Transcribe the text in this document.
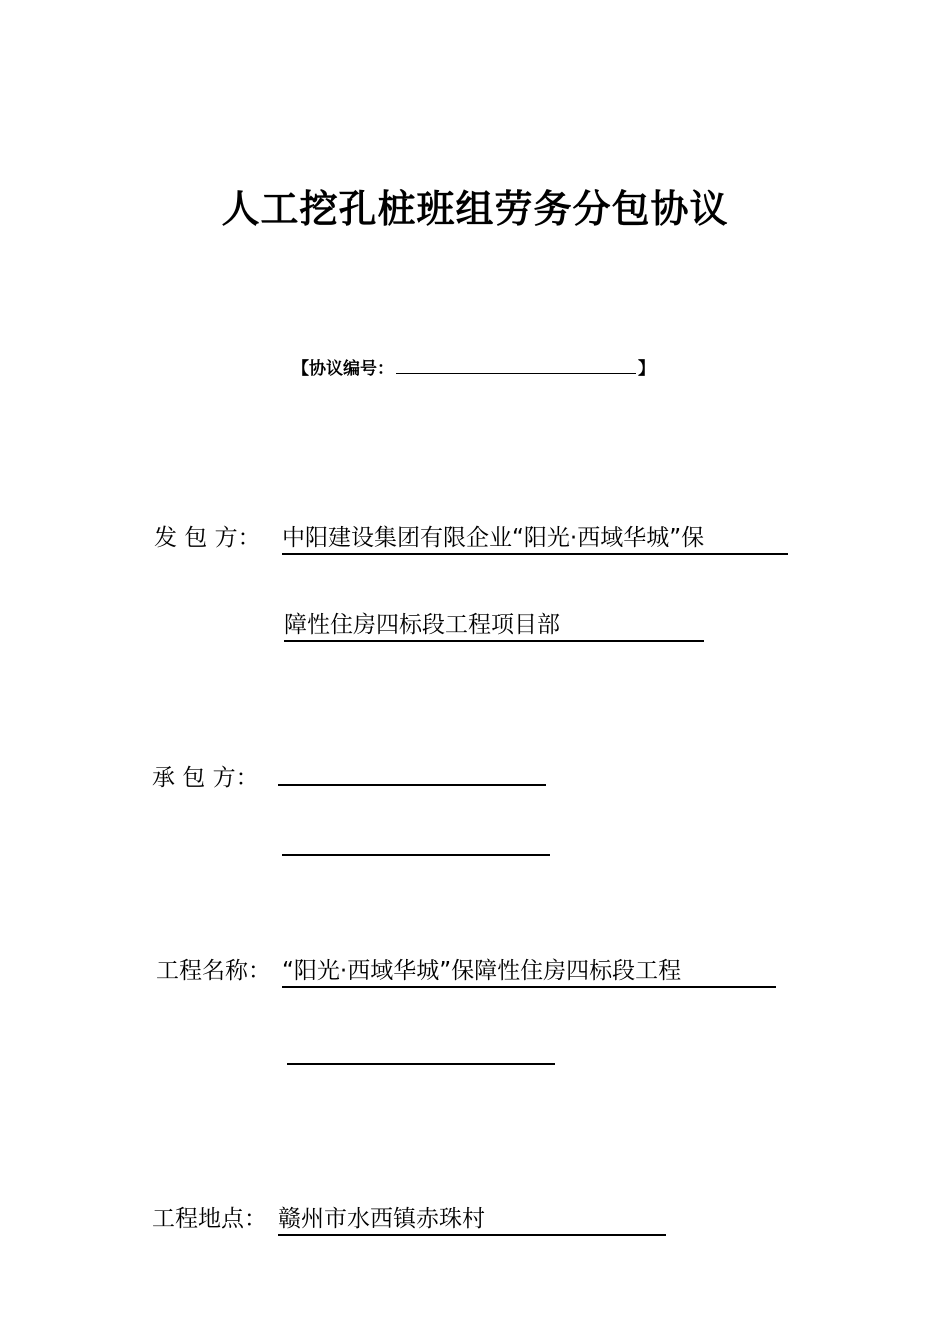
人工挖孔桩班组劳务分包协议
【协议编号：	】
发 包 方： 中阳建设集团有限企业“阳光·西域华城”保
障性住房四标段工程项目部
承 包 方：
工程名称： “阳光·西域华城”保障性住房四标段工程
工程地点： 赣州市水西镇赤珠村
